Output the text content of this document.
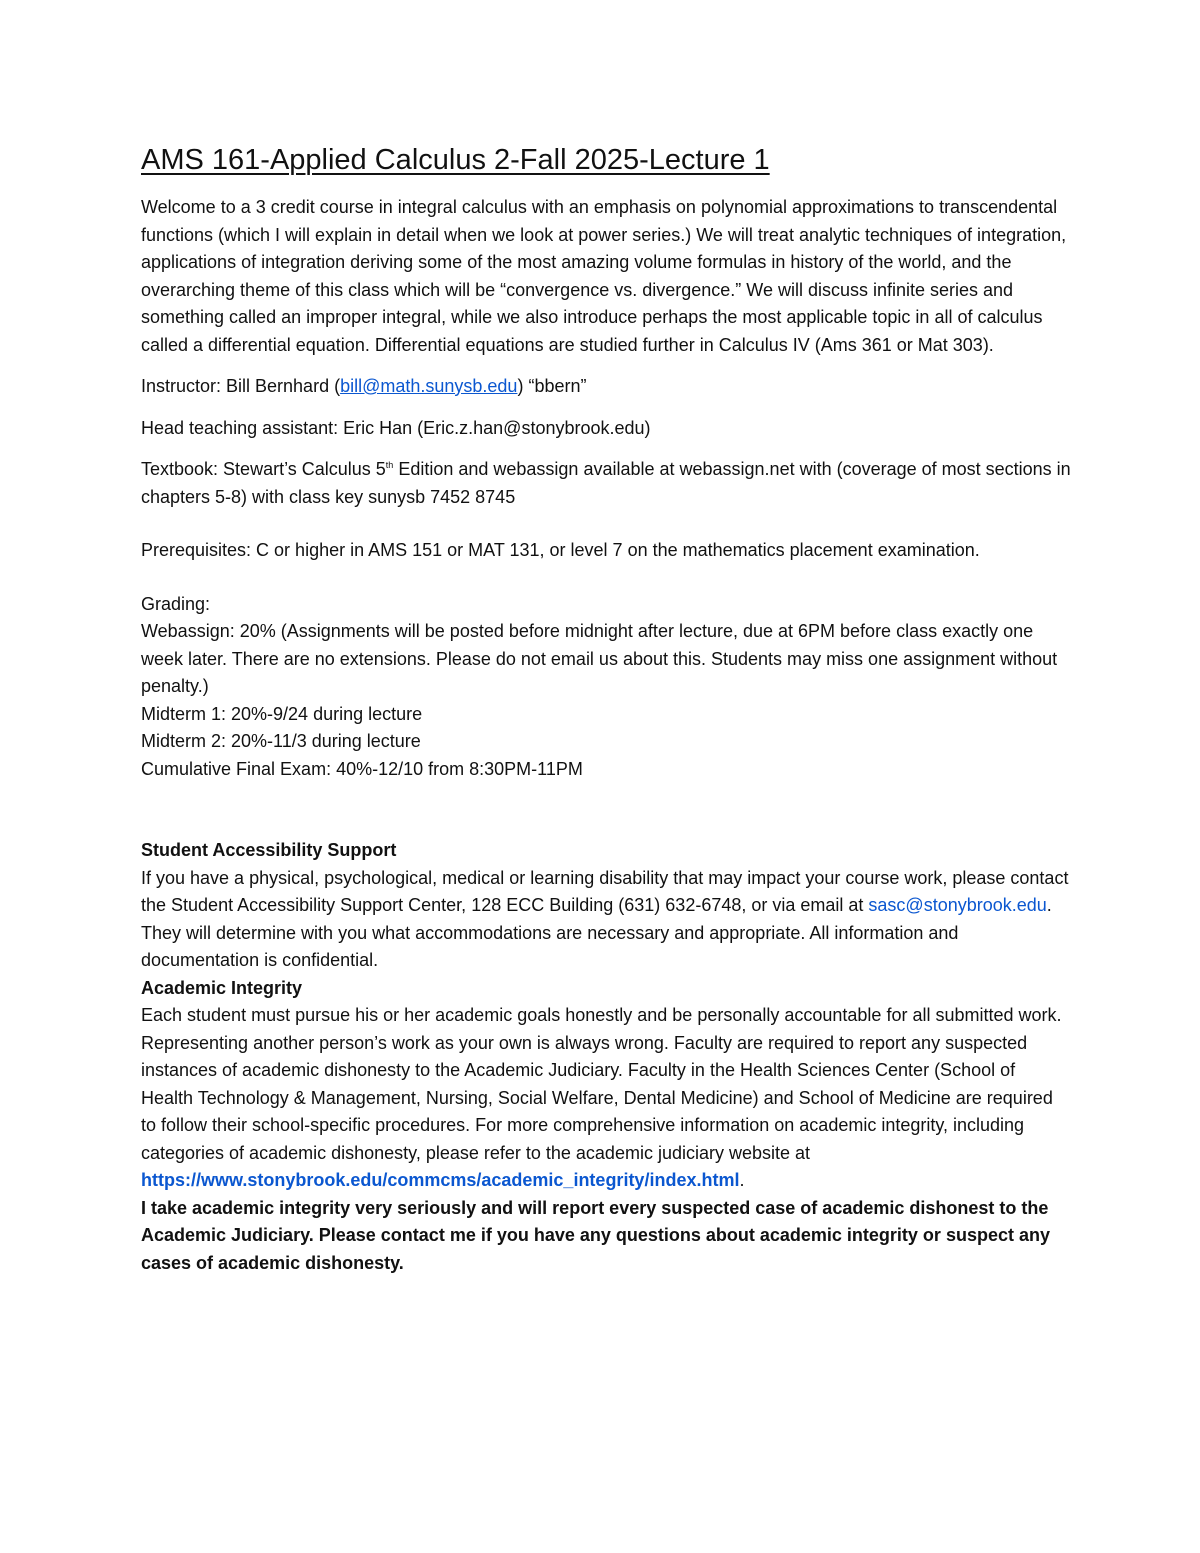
AMS 161-Applied Calculus 2-Fall 2025-Lecture 1

Welcome to a 3 credit course in integral calculus with an emphasis on polynomial approximations to transcendental functions (which I will explain in detail when we look at power series.) We will treat analytic techniques of integration, applications of integration deriving some of the most amazing volume formulas in history of the world, and the overarching theme of this class which will be “convergence vs. divergence.” We will discuss infinite series and something called an improper integral, while we also introduce perhaps the most applicable topic in all of calculus called a differential equation. Differential equations are studied further in Calculus IV (Ams 361 or Mat 303).

Instructor: Bill Bernhard (bill@math.sunysb.edu) “bbern”

Head teaching assistant: Eric Han (Eric.z.han@stonybrook.edu)

Textbook: Stewart’s Calculus 5th Edition and webassign available at webassign.net with (coverage of most sections in chapters 5-8) with class key sunysb 7452 8745

Prerequisites: C or higher in AMS 151 or MAT 131, or level 7 on the mathematics placement examination.

Grading:
Webassign: 20% (Assignments will be posted before midnight after lecture, due at 6PM before class exactly one week later. There are no extensions. Please do not email us about this. Students may miss one assignment without penalty.)
Midterm 1: 20%-9/24 during lecture
Midterm 2: 20%-11/3 during lecture
Cumulative Final Exam: 40%-12/10 from 8:30PM-11PM
Student Accessibility Support
If you have a physical, psychological, medical or learning disability that may impact your course work, please contact the Student Accessibility Support Center, 128 ECC Building (631) 632-6748, or via email at sasc@stonybrook.edu. They will determine with you what accommodations are necessary and appropriate. All information and documentation is confidential.
Academic Integrity
Each student must pursue his or her academic goals honestly and be personally accountable for all submitted work. Representing another person’s work as your own is always wrong. Faculty are required to report any suspected instances of academic dishonesty to the Academic Judiciary. Faculty in the Health Sciences Center (School of Health Technology & Management, Nursing, Social Welfare, Dental Medicine) and School of Medicine are required to follow their school-specific procedures. For more comprehensive information on academic integrity, including categories of academic dishonesty, please refer to the academic judiciary website at
https://www.stonybrook.edu/commcms/academic_integrity/index.html.
I take academic integrity very seriously and will report every suspected case of academic dishonest to the Academic Judiciary. Please contact me if you have any questions about academic integrity or suspect any cases of academic dishonesty.
